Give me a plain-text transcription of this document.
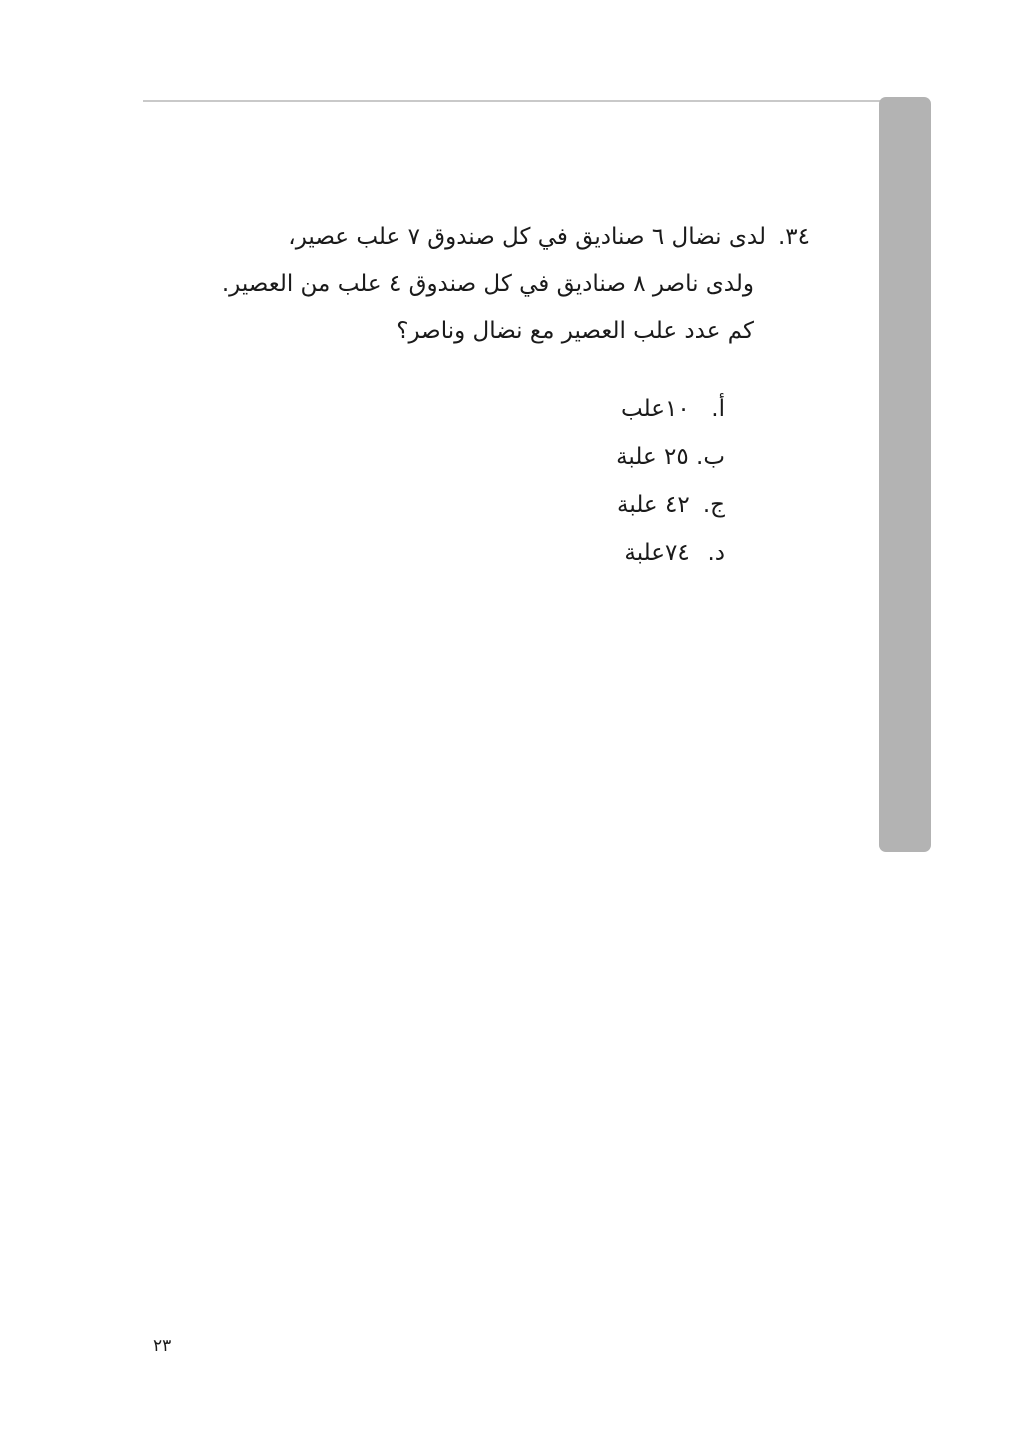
٣٤.لدى نضال ٦ صناديق في كل صندوق ٧ علب عصير،
ولدى ناصر ٨ صناديق في كل صندوق ٤ علب من العصير.
كم عدد علب العصير مع نضال وناصر؟
أ. ١٠علب
ب. ٢٥ علبة
ج. ٤٢ علبة
د. ٧٤علبة
٢٣
